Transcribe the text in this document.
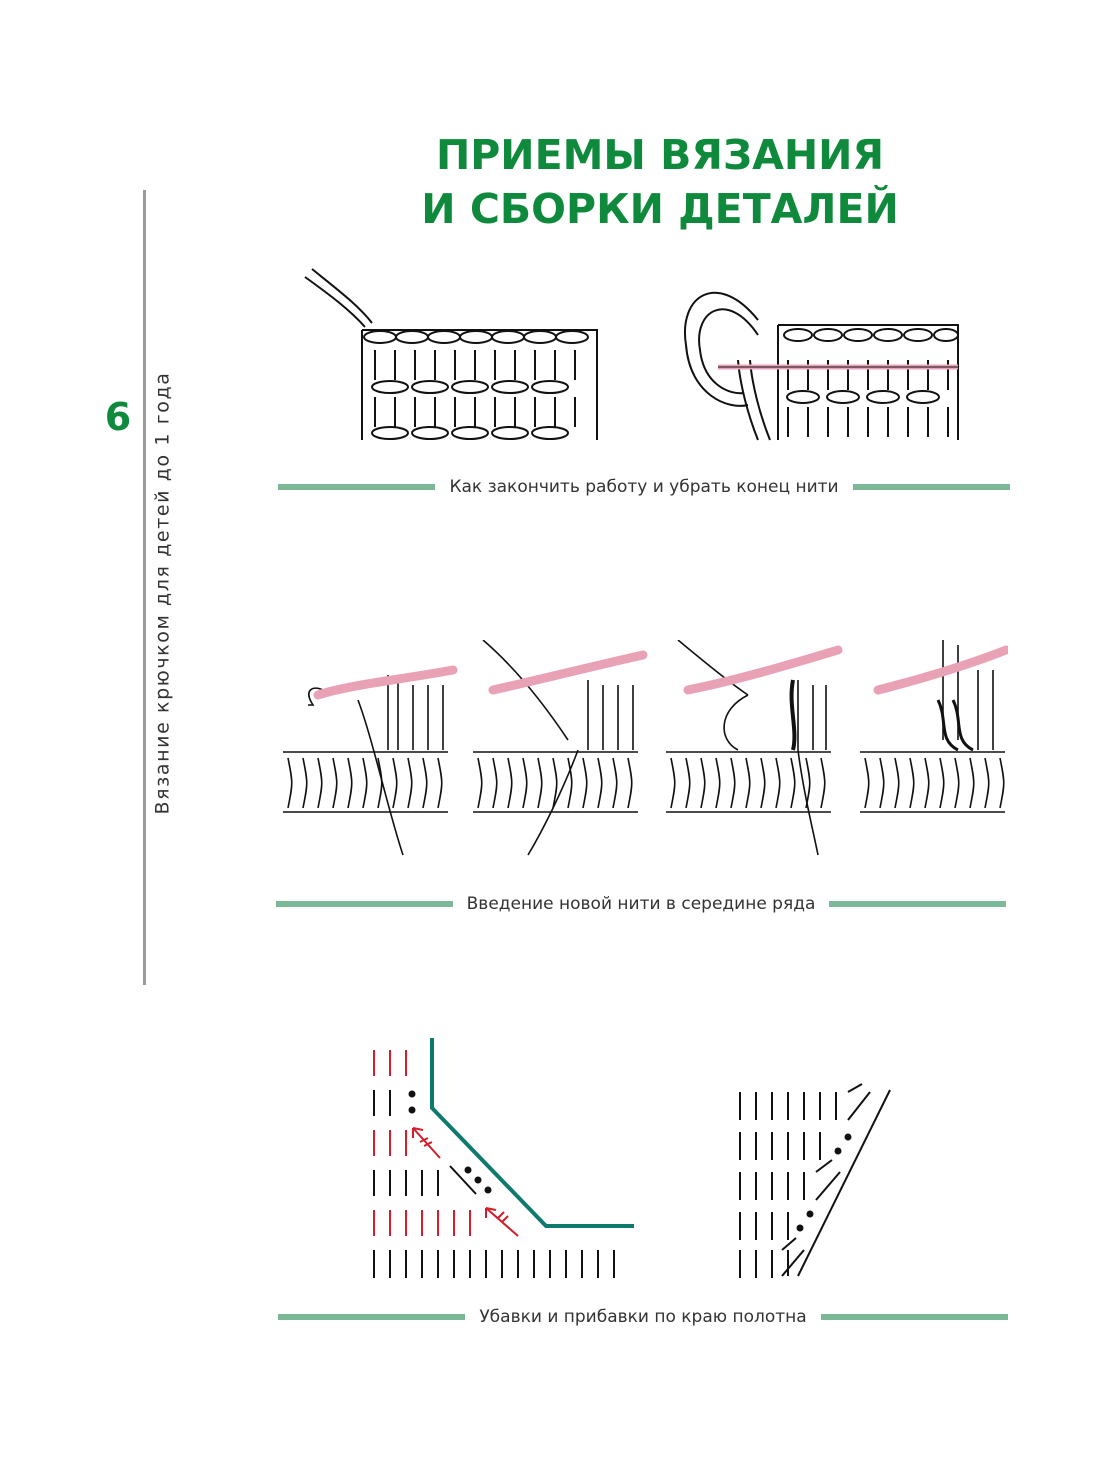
6	Вязание крючком для детей до 1 года
ПРИЕМЫ ВЯЗАНИЯ
И СБОРКИ ДЕТАЛЕЙ
Как закончить работу и убрать конец нити
Введение новой нити в середине ряда
Убавки и прибавки по краю полотна
